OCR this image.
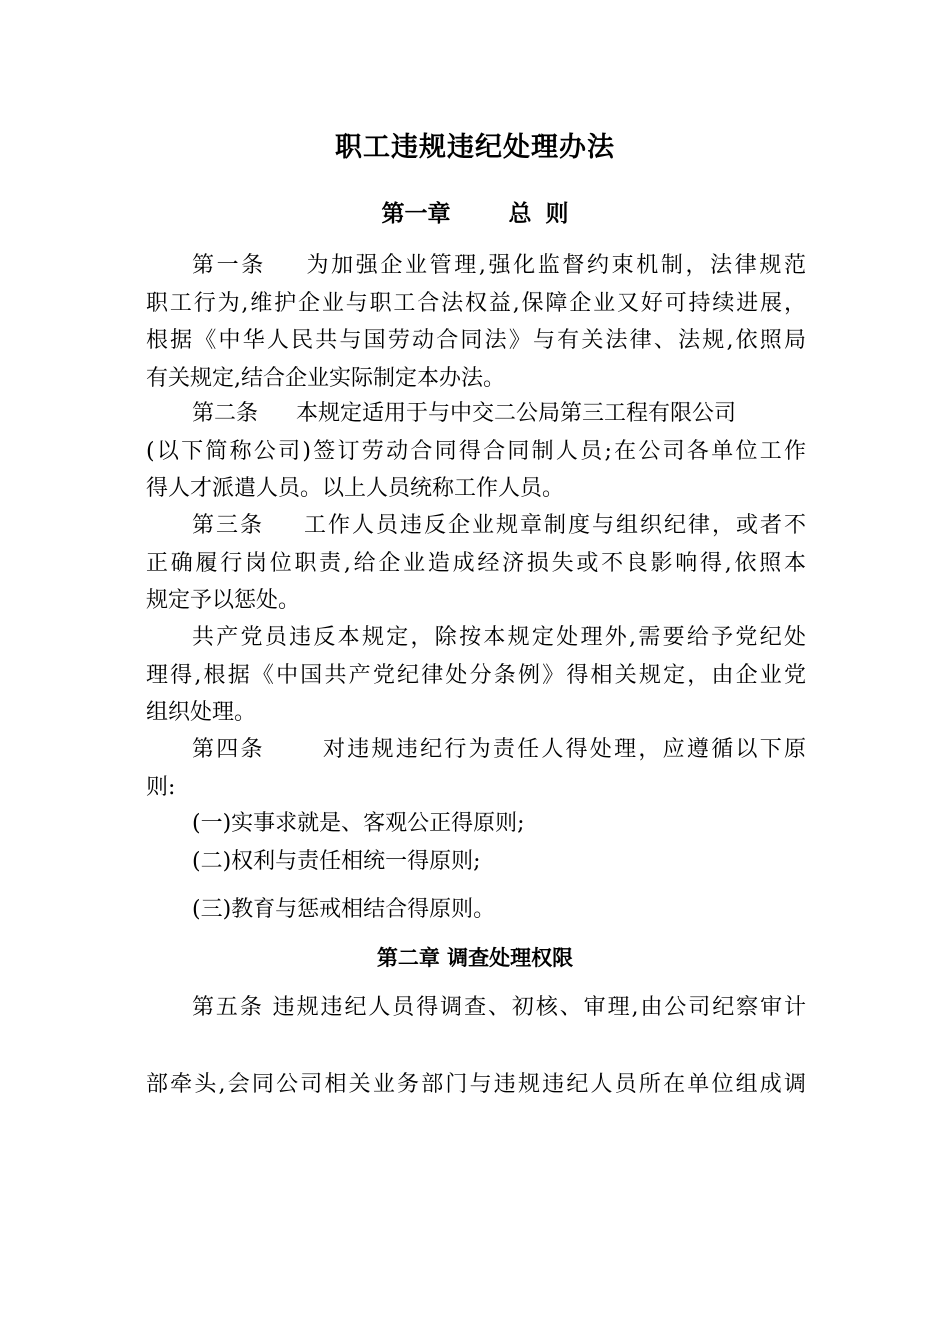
职工违规违纪处理办法
第一章	总 则
第一条 为加强企业管理,强化监督约束机制，法律规范
职工行为,维护企业与职工合法权益,保障企业又好可持续进展，
根据《中华人民共与国劳动合同法》与有关法律、法规,依照局
有关规定,结合企业实际制定本办法。
第二条 本规定适用于与中交二公局第三工程有限公司
(以下简称公司)签订劳动合同得合同制人员;在公司各单位工作
得人才派遣人员。以上人员统称工作人员。
第三条 工作人员违反企业规章制度与组织纪律，或者不
正确履行岗位职责,给企业造成经济损失或不良影响得,依照本
规定予以惩处。
共产党员违反本规定，除按本规定处理外,需要给予党纪处
理得,根据《中国共产党纪律处分条例》得相关规定，由企业党
组织处理。
第四条	对违规违纪行为责任人得处理，应遵循以下原
则:
(一)实事求就是、客观公正得原则;
(二)权利与责任相统一得原则;
(三)教育与惩戒相结合得原则。
第二章 调查处理权限
第五条 违规违纪人员得调查、初核、审理,由公司纪察审计
部牵头,会同公司相关业务部门与违规违纪人员所在单位组成调
